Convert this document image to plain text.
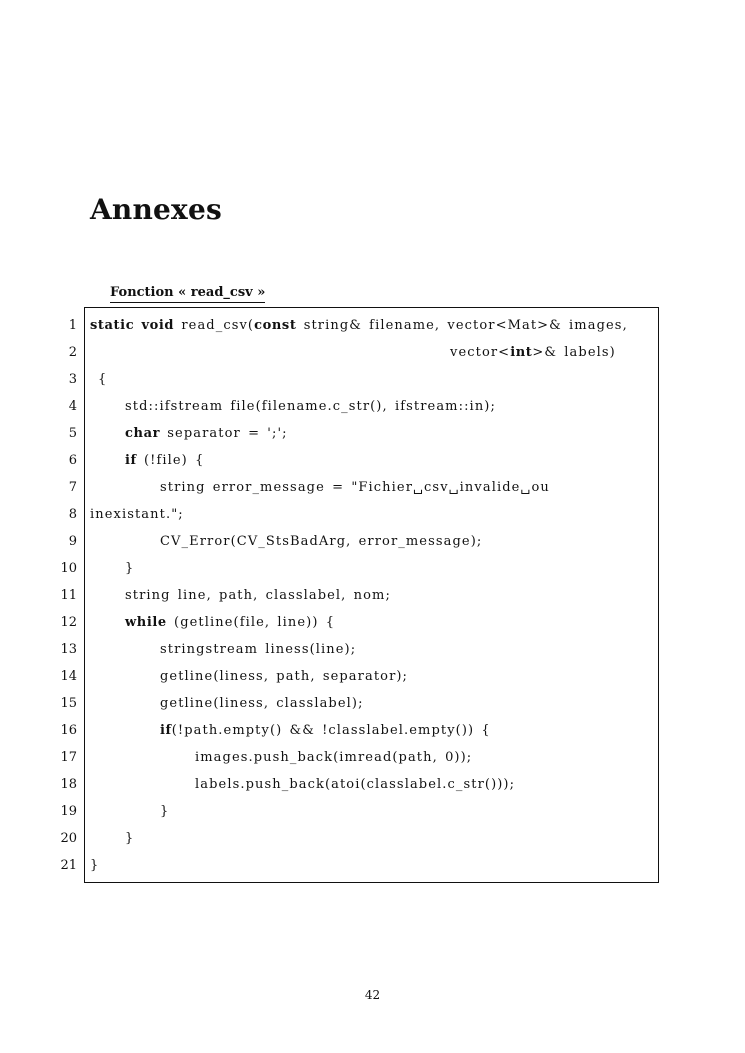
Annexes
Fonction « read_csv »
1 static void read_csv(const string& filename, vector<Mat>& images,
2	vector<int>& labels)
3 {
4	std::ifstream file(filename.c_str(), ifstream::in);
5	char separator = ';';
6	if (!file) {
7	string error_message = "Fichier␣csv␣invalide␣ou
8 inexistant.";
9	CV_Error(CV_StsBadArg, error_message);
10	}
11	string line, path, classlabel, nom;
12	while (getline(file, line)) {
13	stringstream liness(line);
14	getline(liness, path, separator);
15	getline(liness, classlabel);
16	if(!path.empty() && !classlabel.empty()) {
17	images.push_back(imread(path, 0));
18	labels.push_back(atoi(classlabel.c_str()));
19	}
20	}
21 }
42
